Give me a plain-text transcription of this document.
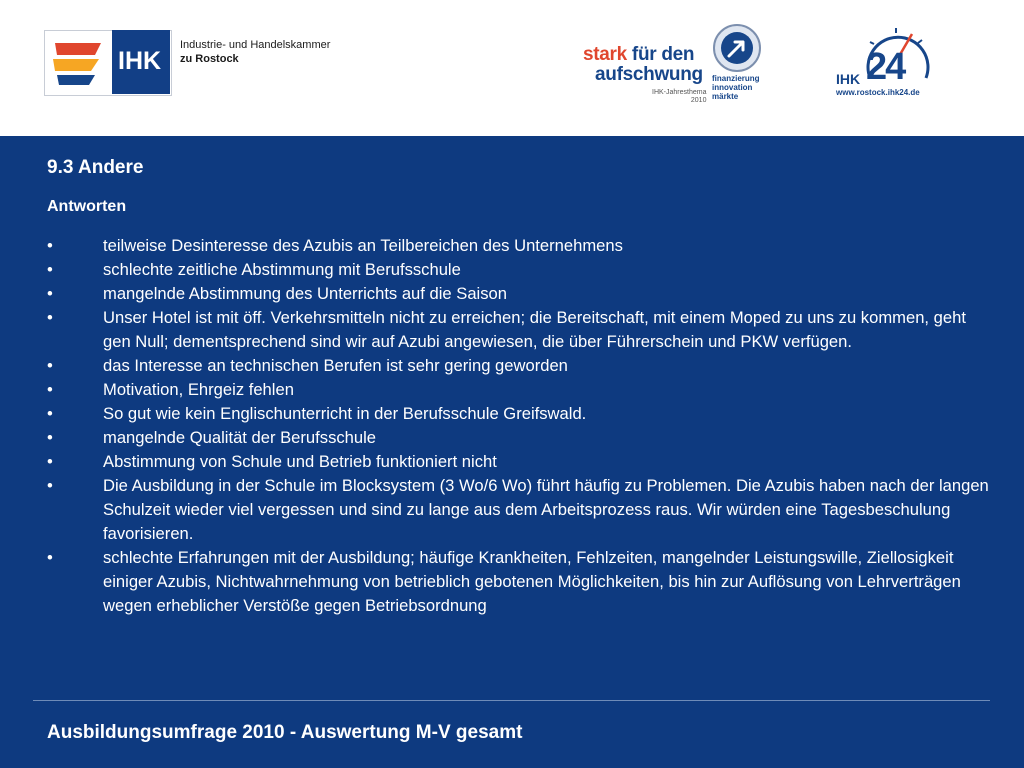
IHK
Industrie- und Handelskammer
zu Rostock	stark für den
aufschwung
IHK-Jahresthema
2010
finanzierung
innovation
märkte
IHK 24
www.rostock.ihk24.de
9.3 Andere
Antworten
•	teilweise Desinteresse des Azubis an Teilbereichen des Unternehmens
•	schlechte zeitliche Abstimmung mit Berufsschule
•	mangelnde Abstimmung des Unterrichts auf die Saison
•	Unser Hotel ist mit öff. Verkehrsmitteln nicht zu erreichen; die Bereitschaft, mit einem Moped zu uns zu kommen, geht gen Null; dementsprechend sind wir auf Azubi angewiesen, die über Führerschein und PKW verfügen.
•	das Interesse an technischen Berufen ist sehr gering geworden
•	Motivation, Ehrgeiz fehlen
•	So gut wie kein Englischunterricht in der Berufsschule Greifswald.
•	mangelnde Qualität der Berufsschule
•	Abstimmung von Schule und Betrieb funktioniert nicht
•	Die Ausbildung in der Schule im Blocksystem (3 Wo/6 Wo) führt häufig zu Problemen. Die Azubis haben nach der langen Schulzeit wieder viel vergessen und sind zu lange aus dem Arbeitsprozess raus. Wir würden eine Tagesbeschulung favorisieren.
•	schlechte Erfahrungen mit der Ausbildung; häufige Krankheiten, Fehlzeiten, mangelnder Leistungswille, Ziellosigkeit einiger Azubis, Nichtwahrnehmung von betrieblich gebotenen Möglichkeiten, bis hin zur Auflösung von Lehrverträgen wegen erheblicher Verstöße gegen Betriebsordnung
Ausbildungsumfrage 2010 - Auswertung M-V gesamt
